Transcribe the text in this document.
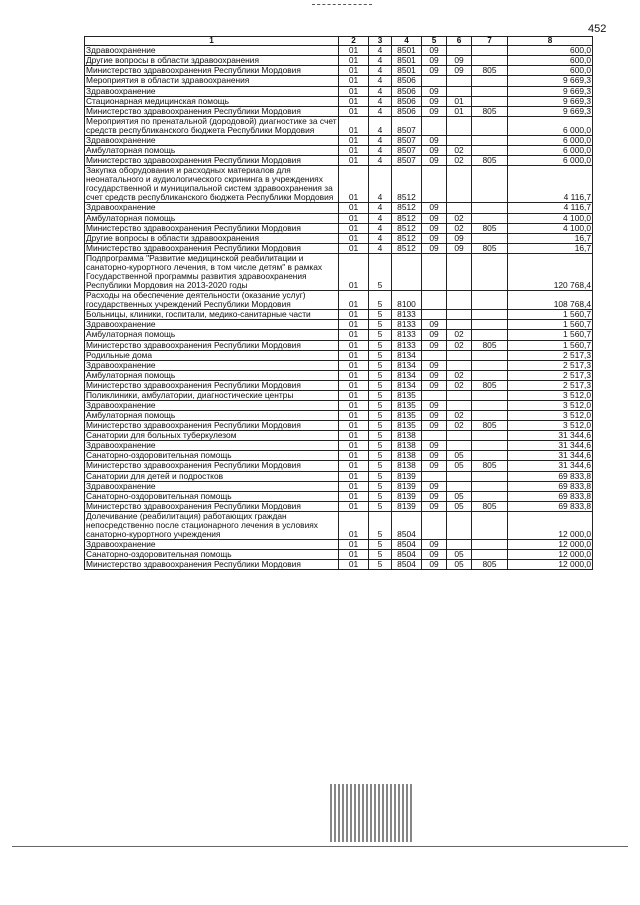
452
1	2	3	4	5	6	7	8
Здравоохранение	01	4	8501	09			600,0
Другие вопросы в области здравоохранения	01	4	8501	09	09		600,0
Министерство здравоохранения Республики Мордовия	01	4	8501	09	09	805	600,0
Мероприятия в области здравоохранения	01	4	8506				9 669,3
Здравоохранение	01	4	8506	09			9 669,3
Стационарная медицинская помощь	01	4	8506	09	01		9 669,3
Министерство здравоохранения Республики Мордовия	01	4	8506	09	01	805	9 669,3
Мероприятия по пренатальной (дородовой) диагностике за счет средств республиканского бюджета Республики Мордовия	01	4	8507				6 000,0
Здравоохранение	01	4	8507	09			6 000,0
Амбулаторная помощь	01	4	8507	09	02		6 000,0
Министерство здравоохранения Республики Мордовия	01	4	8507	09	02	805	6 000,0
Закупка оборудования и расходных материалов для неонатального и аудиологического скрининга в учреждениях государственной и муниципальной систем здравоохранения за счет средств республиканского бюджета Республики Мордовия	01	4	8512				4 116,7
Здравоохранение	01	4	8512	09			4 116,7
Амбулаторная помощь	01	4	8512	09	02		4 100,0
Министерство здравоохранения Республики Мордовия	01	4	8512	09	02	805	4 100,0
Другие вопросы в области здравоохранения	01	4	8512	09	09		16,7
Министерство здравоохранения Республики Мордовия	01	4	8512	09	09	805	16,7
Подпрограмма "Развитие медицинской реабилитации и санаторно-курортного лечения, в том числе детям" в рамках Государственной программы развития здравоохранения Республики Мордовия на 2013-2020 годы	01	5					120 768,4
Расходы на обеспечение деятельности (оказание услуг) государственных учреждений Республики Мордовия	01	5	8100				108 768,4
Больницы, клиники, госпитали, медико-санитарные части	01	5	8133				1 560,7
Здравоохранение	01	5	8133	09			1 560,7
Амбулаторная помощь	01	5	8133	09	02		1 560,7
Министерство здравоохранения Республики Мордовия	01	5	8133	09	02	805	1 560,7
Родильные дома	01	5	8134				2 517,3
Здравоохранение	01	5	8134	09			2 517,3
Амбулаторная помощь	01	5	8134	09	02		2 517,3
Министерство здравоохранения Республики Мордовия	01	5	8134	09	02	805	2 517,3
Поликлиники, амбулатории, диагностические центры	01	5	8135				3 512,0
Здравоохранение	01	5	8135	09			3 512,0
Амбулаторная помощь	01	5	8135	09	02		3 512,0
Министерство здравоохранения Республики Мордовия	01	5	8135	09	02	805	3 512,0
Санатории для больных туберкулезом	01	5	8138				31 344,6
Здравоохранение	01	5	8138	09			31 344,6
Санаторно-оздоровительная помощь	01	5	8138	09	05		31 344,6
Министерство здравоохранения Республики Мордовия	01	5	8138	09	05	805	31 344,6
Санатории для детей и подростков	01	5	8139				69 833,8
Здравоохранение	01	5	8139	09			69 833,8
Санаторно-оздоровительная помощь	01	5	8139	09	05		69 833,8
Министерство здравоохранения Республики Мордовия	01	5	8139	09	05	805	69 833,8
Долечивание (реабилитация) работающих граждан непосредственно после стационарного лечения в условиях санаторно-курортного учреждения	01	5	8504				12 000,0
Здравоохранение	01	5	8504	09			12 000,0
Санаторно-оздоровительная помощь	01	5	8504	09	05		12 000,0
Министерство здравоохранения Республики Мордовия	01	5	8504	09	05	805	12 000,0
